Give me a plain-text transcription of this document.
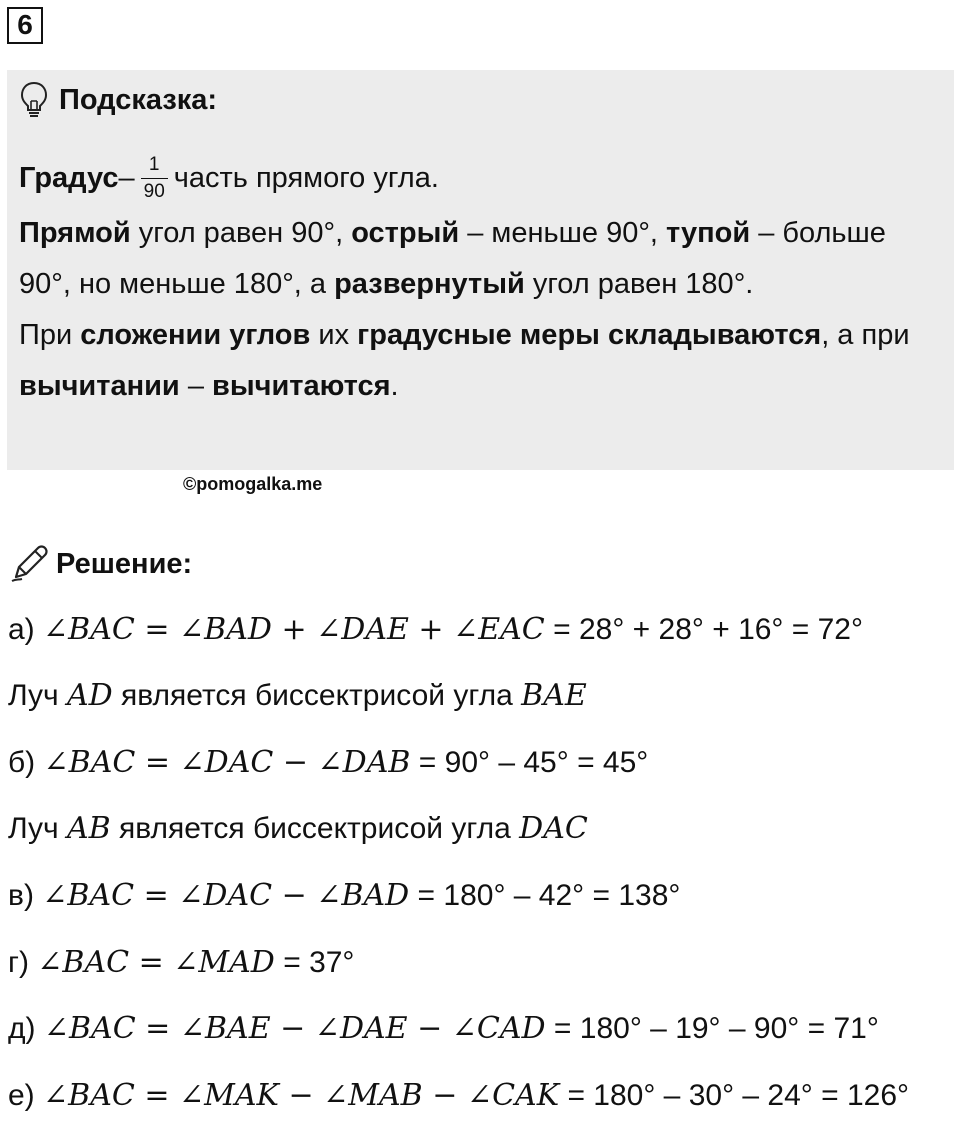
6
Подсказка:
Градус – $\frac{1}{90}$ часть прямого угла.

Прямой угол равен 90°, острый – меньше 90°, тупой – больше 90°, но меньше 180°, а развернутый угол равен 180°.

При сложении углов их градусные меры складываются, а при вычитании – вычитаются.

©pomogalka.me
Решение:
а) ∠BAC = ∠BAD + ∠DAE + ∠EAC = 28° + 28° + 16° = 72°
Луч AD является биссектрисой угла BAE
б) ∠BAC = ∠DAC − ∠DAB = 90° – 45° = 45°
Луч AB является биссектрисой угла DAC
в) ∠BAC = ∠DAC − ∠BAD = 180° – 42° = 138°
г) ∠BAC = ∠MAD = 37°
д) ∠BAC = ∠BAE − ∠DAE − ∠CAD = 180° – 19° – 90° = 71°
е) ∠BAC = ∠MAK − ∠MAB − ∠CAK = 180° – 30° – 24° = 126°
